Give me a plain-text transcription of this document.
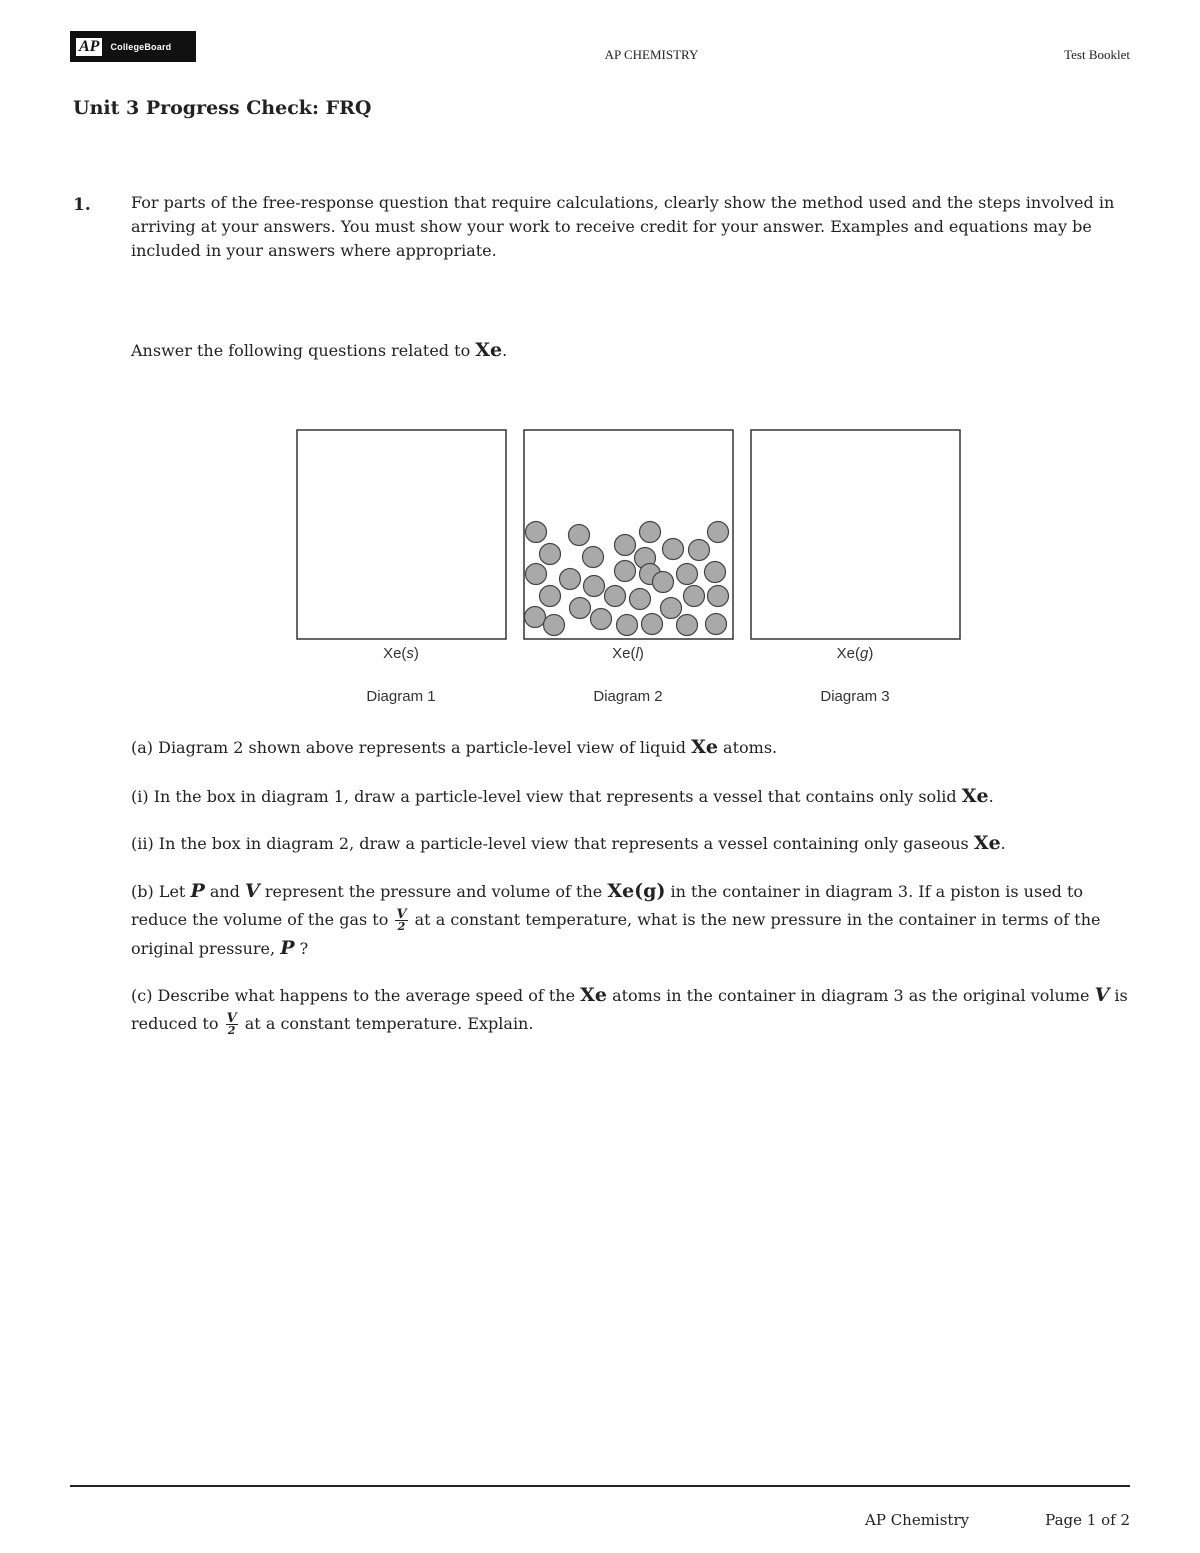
AP	CollegeBoard
AP CHEMISTRY	Test Booklet
Unit 3 Progress Check: FRQ
1.	For parts of the free-response question that require calculations, clearly show the method used and the steps involved in arriving at your answers. You must show your work to receive credit for your answer. Examples and equations may be included in your answers where appropriate.
Answer the following questions related to Xe.
Xe(s)	Xe(l)	Xe(g)
Diagram 1	Diagram 2	Diagram 3
(a) Diagram 2 shown above represents a particle-level view of liquid Xe atoms.
(i) In the box in diagram 1, draw a particle-level view that represents a vessel that contains only solid Xe.
(ii) In the box in diagram 2, draw a particle-level view that represents a vessel containing only gaseous Xe.
(b) Let P and V represent the pressure and volume of the Xe(g) in the container in diagram 3. If a piston is used to reduce the volume of the gas to $\frac{V}{2}$ at a constant temperature, what is the new pressure in the container in terms of the original pressure, P ?
(c) Describe what happens to the average speed of the Xe atoms in the container in diagram 3 as the original volume V is reduced to $\frac{V}{2}$ at a constant temperature. Explain.
AP Chemistry	Page 1 of 2
